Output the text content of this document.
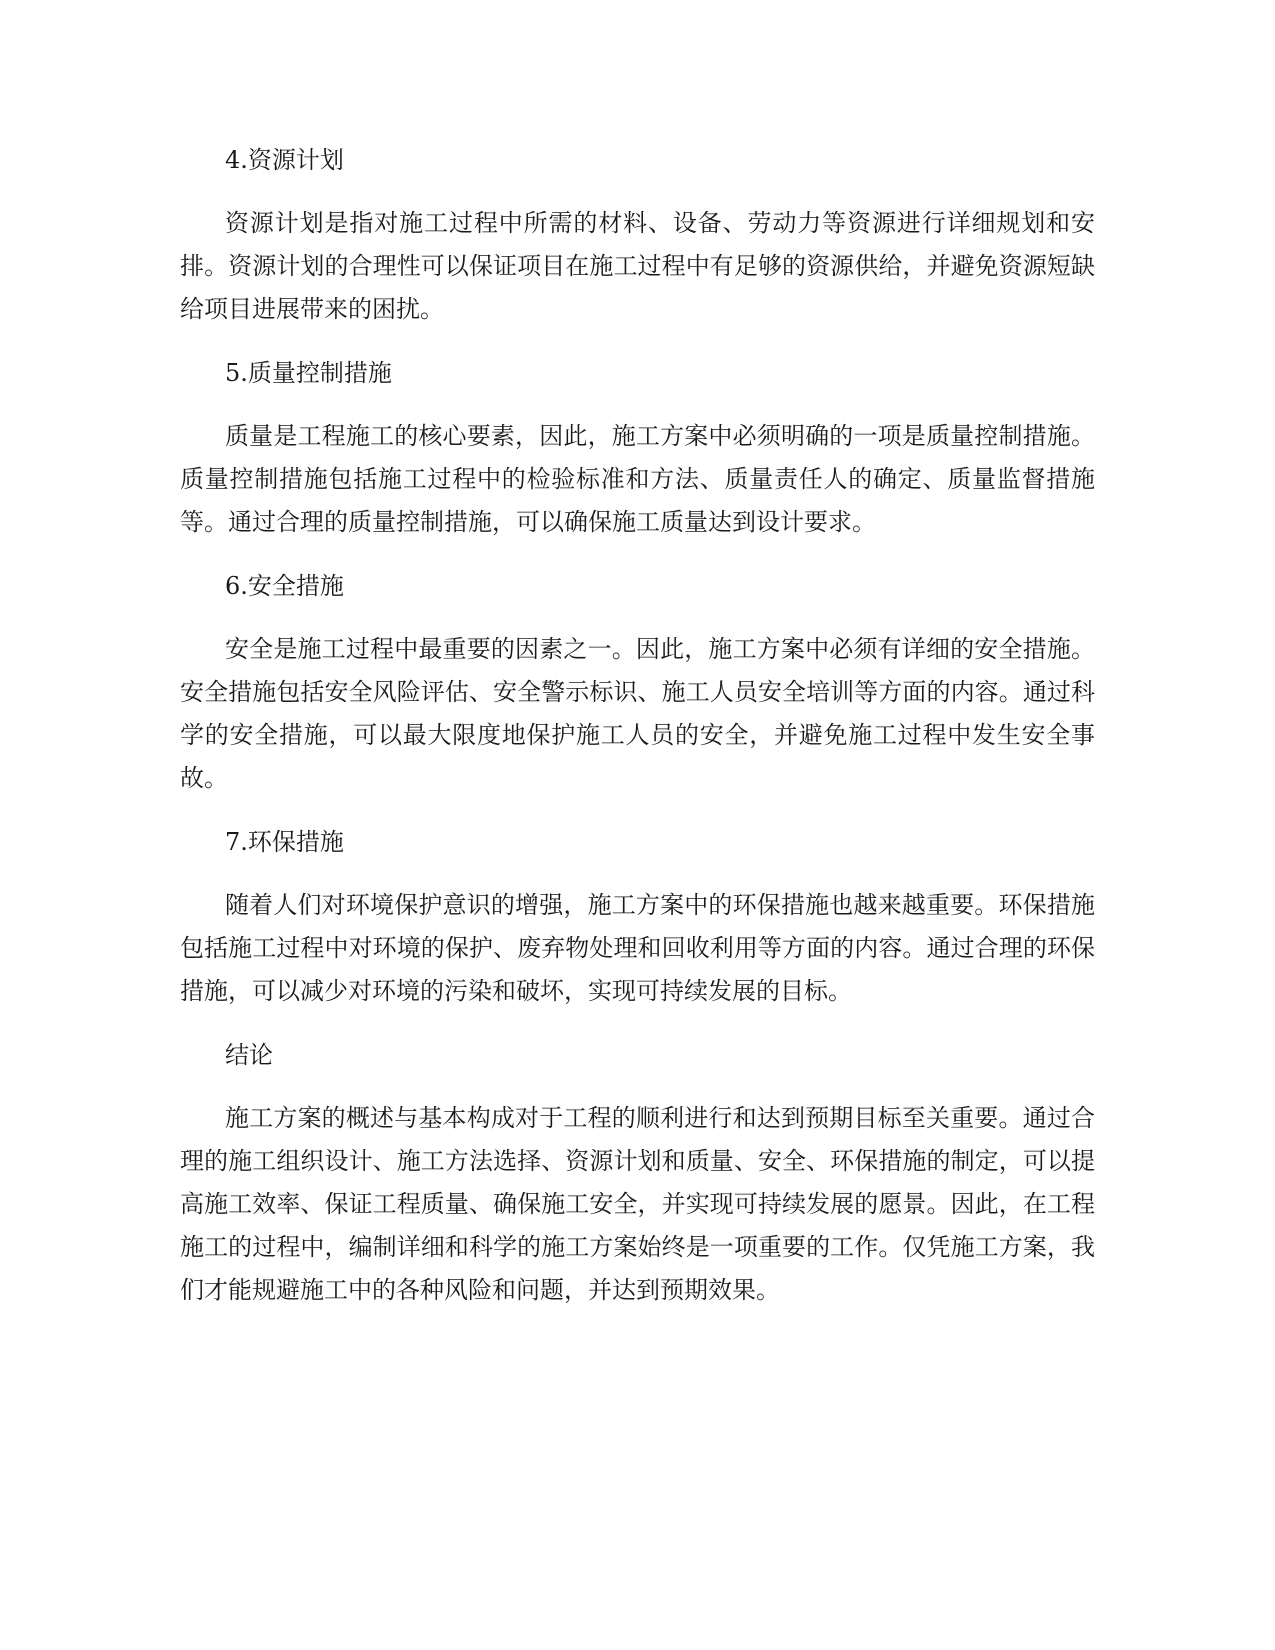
4.资源计划

资源计划是指对施工过程中所需的材料、设备、劳动力等资源进行详细规划和安排。资源计划的合理性可以保证项目在施工过程中有足够的资源供给，并避免资源短缺给项目进展带来的困扰。

5.质量控制措施

质量是工程施工的核心要素，因此，施工方案中必须明确的一项是质量控制措施。质量控制措施包括施工过程中的检验标准和方法、质量责任人的确定、质量监督措施等。通过合理的质量控制措施，可以确保施工质量达到设计要求。

6.安全措施

安全是施工过程中最重要的因素之一。因此，施工方案中必须有详细的安全措施。安全措施包括安全风险评估、安全警示标识、施工人员安全培训等方面的内容。通过科学的安全措施，可以最大限度地保护施工人员的安全，并避免施工过程中发生安全事故。

7.环保措施

随着人们对环境保护意识的增强，施工方案中的环保措施也越来越重要。环保措施包括施工过程中对环境的保护、废弃物处理和回收利用等方面的内容。通过合理的环保措施，可以减少对环境的污染和破坏，实现可持续发展的目标。

结论

施工方案的概述与基本构成对于工程的顺利进行和达到预期目标至关重要。通过合理的施工组织设计、施工方法选择、资源计划和质量、安全、环保措施的制定，可以提高施工效率、保证工程质量、确保施工安全，并实现可持续发展的愿景。因此，在工程施工的过程中，编制详细和科学的施工方案始终是一项重要的工作。仅凭施工方案，我们才能规避施工中的各种风险和问题，并达到预期效果。
